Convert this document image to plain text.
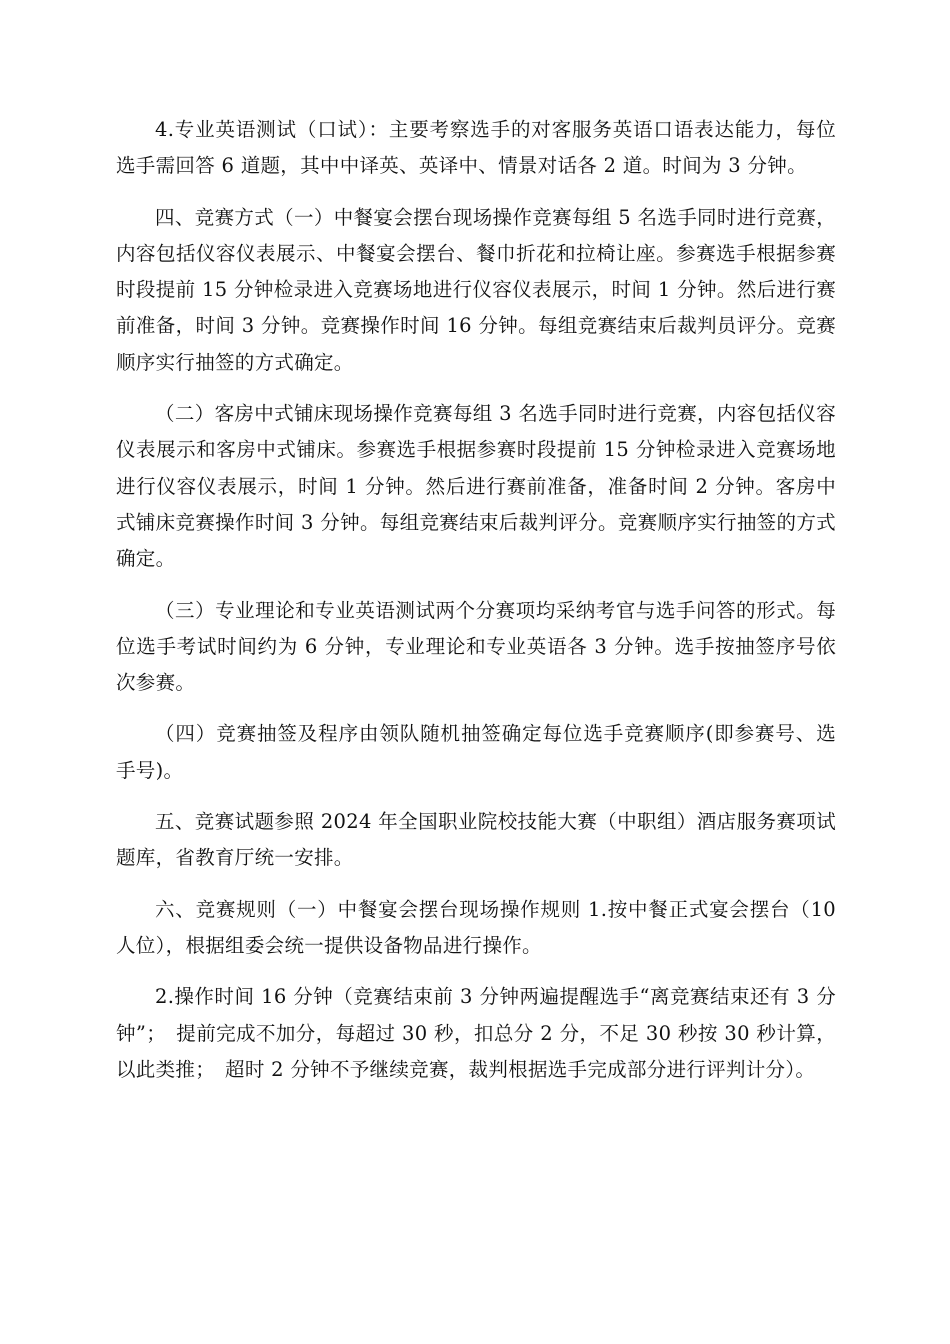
4.专业英语测试（口试）：主要考察选手的对客服务英语口语表达能力，每位选手需回答 6 道题，其中中译英、英译中、情景对话各 2 道。时间为 3 分钟。

四、竞赛方式（一）中餐宴会摆台现场操作竞赛每组 5 名选手同时进行竞赛，内容包括仪容仪表展示、中餐宴会摆台、餐巾折花和拉椅让座。参赛选手根据参赛时段提前 15 分钟检录进入竞赛场地进行仪容仪表展示，时间 1 分钟。然后进行赛前准备，时间 3 分钟。竞赛操作时间 16 分钟。每组竞赛结束后裁判员评分。竞赛顺序实行抽签的方式确定。

（二）客房中式铺床现场操作竞赛每组 3 名选手同时进行竞赛，内容包括仪容仪表展示和客房中式铺床。参赛选手根据参赛时段提前 15 分钟检录进入竞赛场地进行仪容仪表展示，时间 1 分钟。然后进行赛前准备，准备时间 2 分钟。客房中式铺床竞赛操作时间 3 分钟。每组竞赛结束后裁判评分。竞赛顺序实行抽签的方式确定。

（三）专业理论和专业英语测试两个分赛项均采纳考官与选手问答的形式。每位选手考试时间约为 6 分钟，专业理论和专业英语各 3 分钟。选手按抽签序号依次参赛。

（四）竞赛抽签及程序由领队随机抽签确定每位选手竞赛顺序(即参赛号、选手号)。

五、竞赛试题参照 2024 年全国职业院校技能大赛（中职组）酒店服务赛项试题库，省教育厅统一安排。

六、竞赛规则（一）中餐宴会摆台现场操作规则 1.按中餐正式宴会摆台（10 人位），根据组委会统一提供设备物品进行操作。

2.操作时间 16 分钟（竞赛结束前 3 分钟两遍提醒选手“离竞赛结束还有 3 分钟”；　提前完成不加分，每超过 30 秒，扣总分 2 分，不足 30 秒按 30 秒计算，以此类推；　超时 2 分钟不予继续竞赛，裁判根据选手完成部分进行评判计分）。
